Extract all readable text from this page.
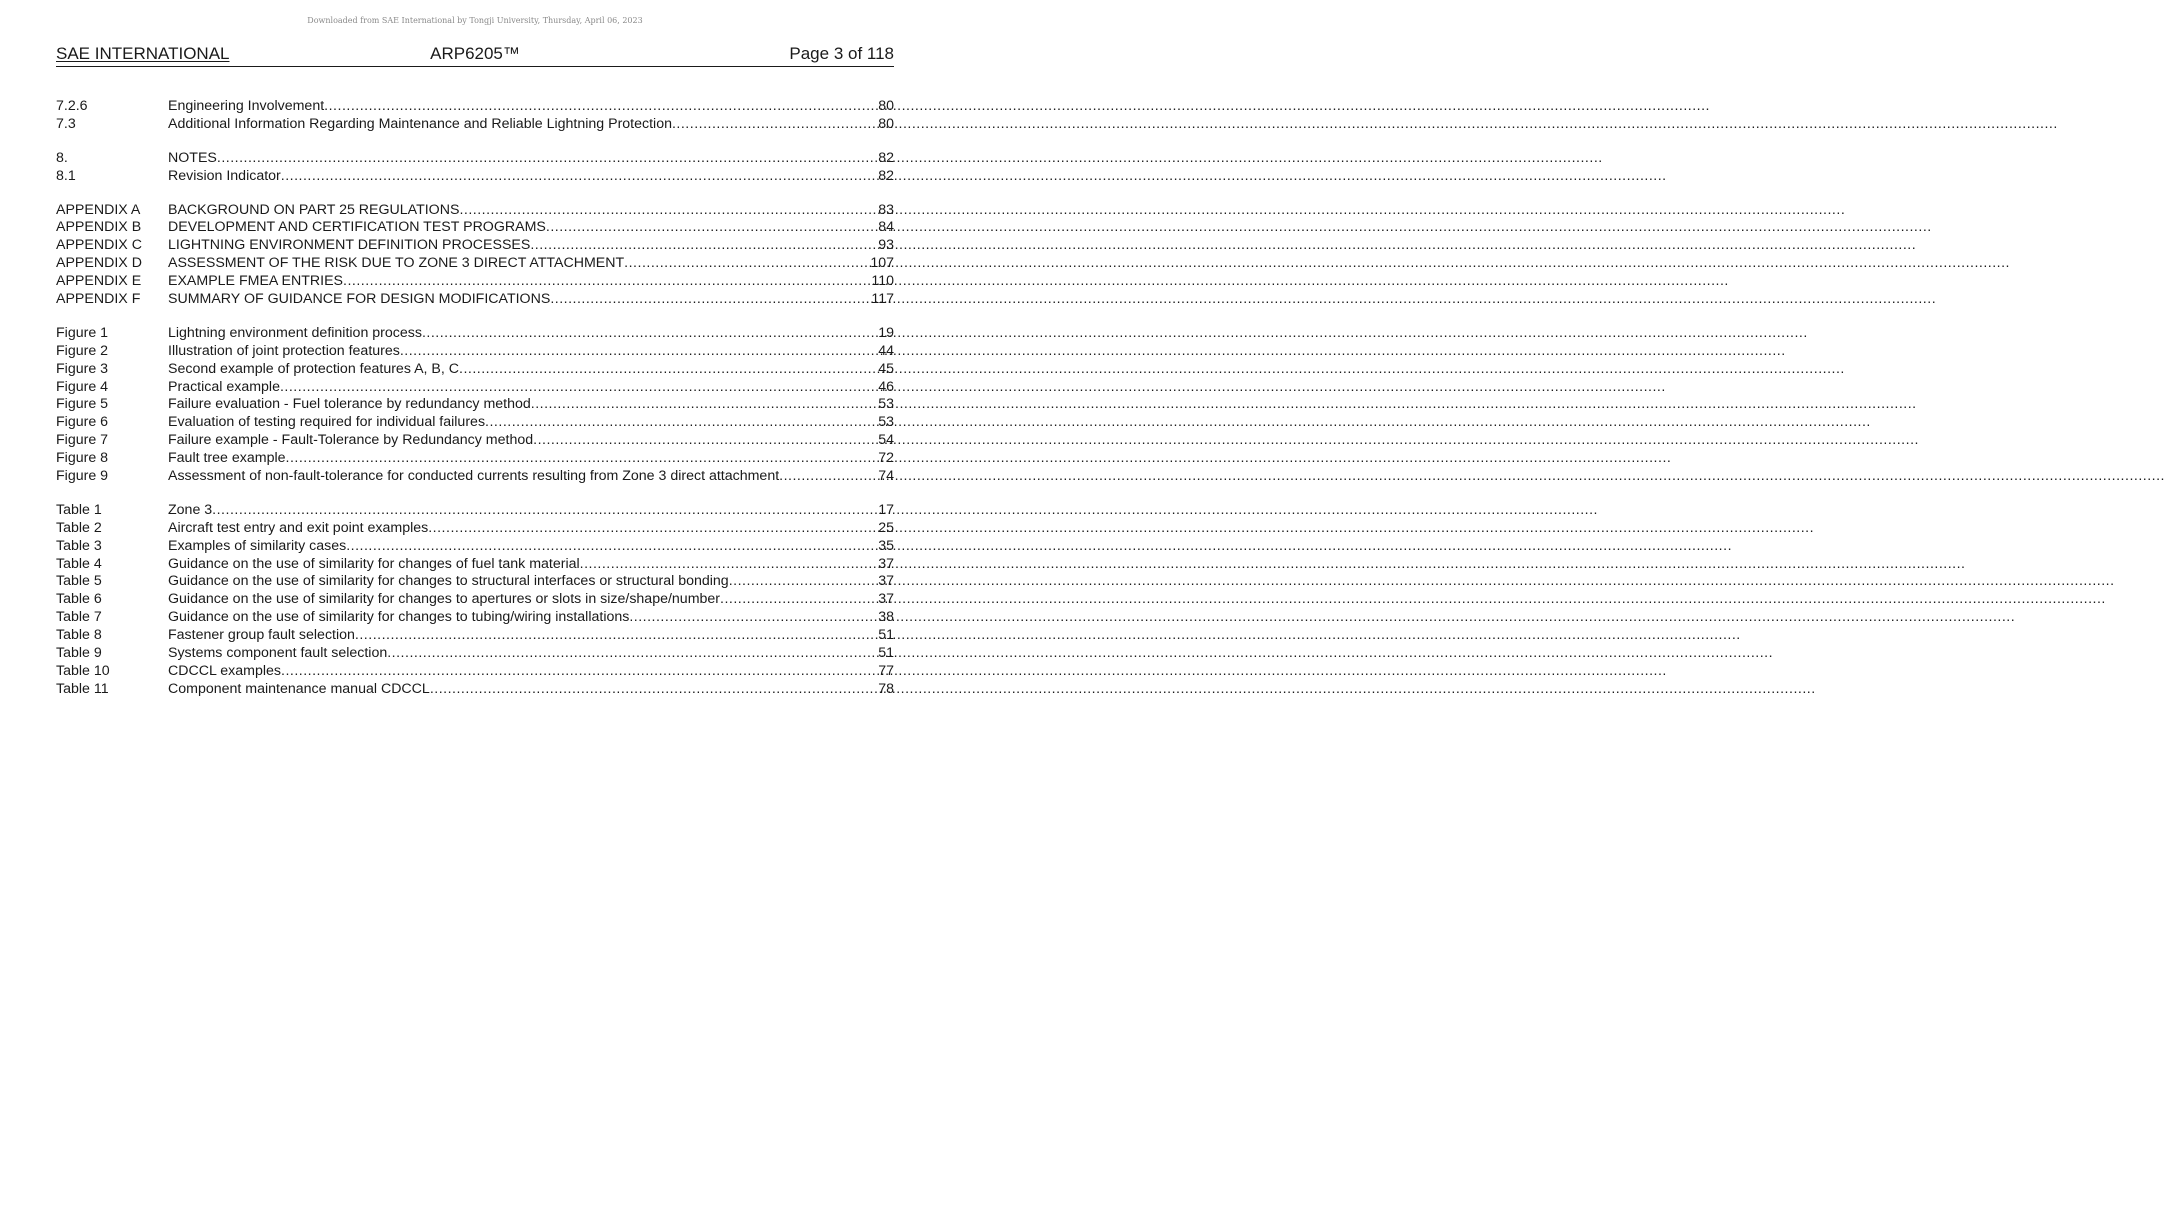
Downloaded from SAE International by Tongji University, Thursday, April 06, 2023
SAE INTERNATIONAL	ARP6205™	Page 3 of 118
7.2.6	Engineering Involvement .....	80
7.3	Additional Information Regarding Maintenance and Reliable Lightning Protection .....	80
8.	NOTES .....	82
8.1	Revision Indicator .....	82
APPENDIX A	BACKGROUND ON PART 25 REGULATIONS .....	83
APPENDIX B	DEVELOPMENT AND CERTIFICATION TEST PROGRAMS .....	84
APPENDIX C	LIGHTNING ENVIRONMENT DEFINITION PROCESSES .....	93
APPENDIX D	ASSESSMENT OF THE RISK DUE TO ZONE 3 DIRECT ATTACHMENT .....	107
APPENDIX E	EXAMPLE FMEA ENTRIES .....	110
APPENDIX F	SUMMARY OF GUIDANCE FOR DESIGN MODIFICATIONS .....	117
Figure 1	Lightning environment definition process .....	19
Figure 2	Illustration of joint protection features .....	44
Figure 3	Second example of protection features A, B, C .....	45
Figure 4	Practical example .....	46
Figure 5	Failure evaluation - Fuel tolerance by redundancy method .....	53
Figure 6	Evaluation of testing required for individual failures .....	53
Figure 7	Failure example - Fault-Tolerance by Redundancy method .....	54
Figure 8	Fault tree example .....	72
Figure 9	Assessment of non-fault-tolerance for conducted currents resulting from Zone 3 direct attachment .....	74
Table 1	Zone 3 .....	17
Table 2	Aircraft test entry and exit point examples .....	25
Table 3	Examples of similarity cases .....	35
Table 4	Guidance on the use of similarity for changes of fuel tank material .....	37
Table 5	Guidance on the use of similarity for changes to structural interfaces or structural bonding .....	37
Table 6	Guidance on the use of similarity for changes to apertures or slots in size/shape/number .....	37
Table 7	Guidance on the use of similarity for changes to tubing/wiring installations .....	38
Table 8	Fastener group fault selection .....	51
Table 9	Systems component fault selection .....	51
Table 10	CDCCL examples .....	77
Table 11	Component maintenance manual CDCCL .....	78
